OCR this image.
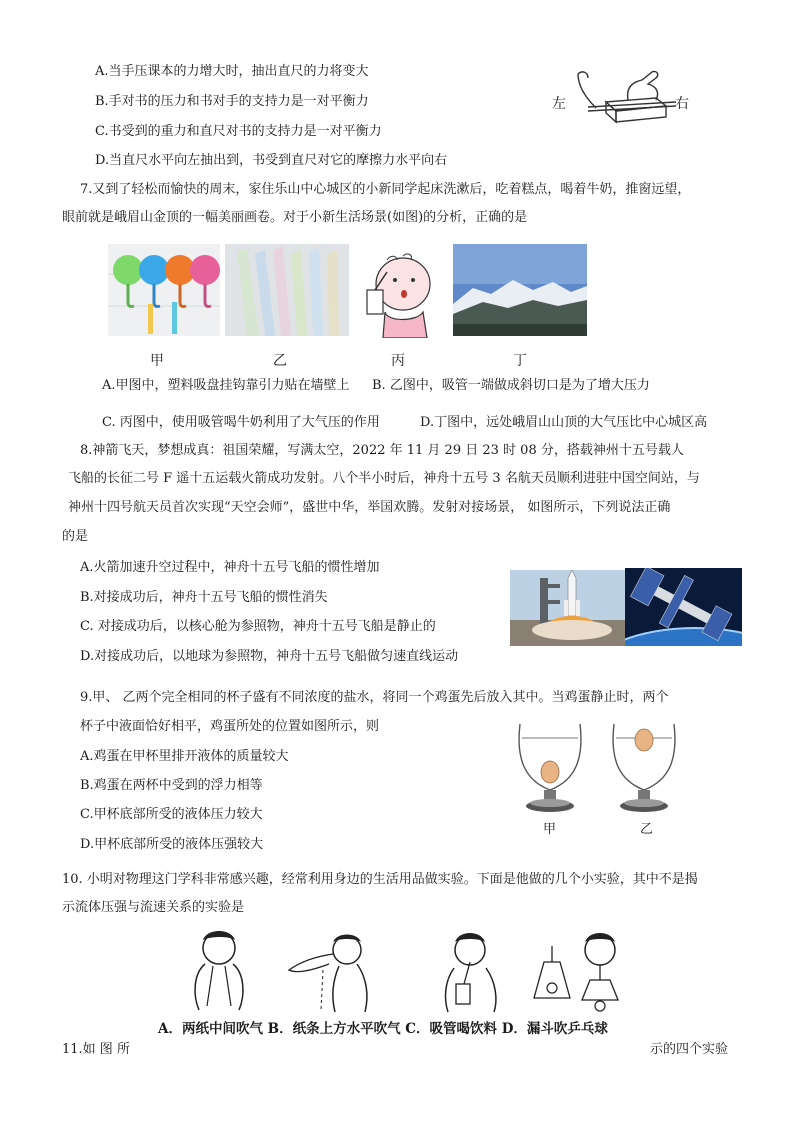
A.当手压课本的力增大时，抽出直尺的力将变大
B.手对书的压力和书对手的支持力是一对平衡力
C.书受到的重力和直尺对书的支持力是一对平衡力
D.当直尺水平向左抽出到，书受到直尺对它的摩擦力水平向右
左	右
7.又到了轻松而愉快的周末，家住乐山中心城区的小新同学起床洗漱后，吃着糕点，喝着牛奶，推窗远望，
眼前就是峨眉山金顶的一幅美丽画卷。对于小新生活场景(如图)的分析，正确的是
甲	乙	丙	丁
A.甲图中，塑料吸盘挂钩靠引力贴在墙壁上 B. 乙图中，吸管一端做成斜切口是为了增大压力
C. 丙图中，使用吸管喝牛奶利用了大气压的作用	D.丁图中，远处峨眉山山顶的大气压比中心城区高
8.神箭飞天，梦想成真：祖国荣耀，写满太空，2022 年 11 月 29 日 23 时 08 分，搭载神州十五号载人
飞船的长征二号 F 遥十五运载火箭成功发射。八个半小时后，神舟十五号 3 名航天员顺利进驻中国空间站，与
神州十四号航天员首次实现“天空会师”，盛世中华，举国欢腾。发射对接场景， 如图所示，下列说法正确
的是
A.火箭加速升空过程中，神舟十五号飞船的惯性增加
B.对接成功后，神舟十五号飞船的惯性消失
C. 对接成功后，以核心舱为参照物，神舟十五号飞船是静止的
D.对接成功后，以地球为参照物，神舟十五号飞船做匀速直线运动
9.甲、 乙两个完全相同的杯子盛有不同浓度的盐水，将同一个鸡蛋先后放入其中。当鸡蛋静止时，两个
杯子中液面恰好相平，鸡蛋所处的位置如图所示，则
A.鸡蛋在甲杯里排开液体的质量较大
B.鸡蛋在两杯中受到的浮力相等
C.甲杯底部所受的液体压力较大
D.甲杯底部所受的液体压强较大
甲	乙
10. 小明对物理这门学科非常感兴趣，经常利用身边的生活用品做实验。下面是他做的几个小实验，其中不是揭
示流体压强与流速关系的实验是
A．两纸中间吹气 B．纸条上方水平吹气 C．吸管喝饮料 D．漏斗吹乒乓球
11.如 图 所	示的四个实验
